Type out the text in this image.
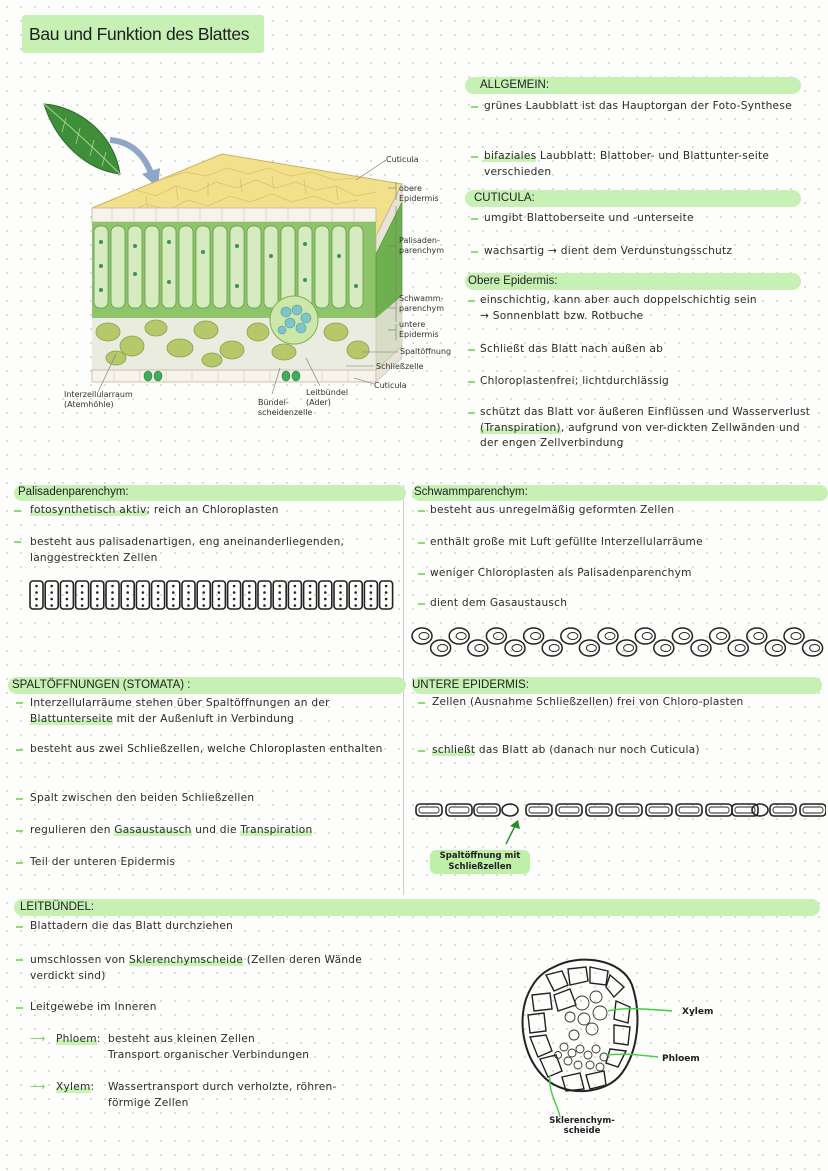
Bau und Funktion des Blattes
Cuticula
obere Epidermis
Palisaden-parenchym
Schwamm-parenchym
untere Epidermis
Spaltöffnung
Schließzelle
Cuticula
Leitbündel (Ader)
Bündel-scheidenzelle
Interzellularraum (Atemhöhle)
ALLGEMEIN:
grünes Laubblatt ist das Hauptorgan der Foto-Synthese
bifaziales Laubblatt: Blattober- und Blattunter-seite verschieden
CUTICULA:
umgibt Blattoberseite und -unterseite
wachsartig → dient dem Verdunstungsschutz
Obere Epidermis:
einschichtig, kann aber auch doppelschichtig sein
→ Sonnenblatt bzw. Rotbuche
Schließt das Blatt nach außen ab
Chloroplastenfrei; lichtdurchlässig
schützt das Blatt vor äußeren Einflüssen und Wasserverlust (Transpiration), aufgrund von ver-dickten Zellwänden und der engen Zellverbindung
Palisadenparenchym:
fotosynthetisch aktiv; reich an Chloroplasten
besteht aus palisadenartigen, eng aneinanderliegenden, langgestreckten Zellen
Schwammparenchym:
besteht aus unregelmäßig geformten Zellen
enthält große mit Luft gefüllte Interzellularräume
weniger Chloroplasten als Palisadenparenchym
dient dem Gasaustausch
SPALTÖFFNUNGEN (STOMATA) :
Interzellularräume stehen über Spaltöffnungen an der Blattunterseite mit der Außenluft in Verbindung
besteht aus zwei Schließzellen, welche Chloroplasten enthalten
Spalt zwischen den beiden Schließzellen
regulieren den Gasaustausch und die Transpiration
Teil der unteren Epidermis
UNTERE EPIDERMIS:
Zellen (Ausnahme Schließzellen) frei von Chloro-plasten
schließt das Blatt ab (danach nur noch Cuticula)
Spaltöffnung mit Schließzellen
LEITBÜNDEL:
Blattadern die das Blatt durchziehen
umschlossen von Sklerenchymscheide (Zellen deren Wände verdickt sind)
Leitgewebe im Inneren
⟶ Phloem: besteht aus kleinen Zellen
Transport organischer Verbindungen
⟶ Xylem: Wassertransport durch verholzte, röhren-förmige Zellen
Xylem
Phloem
Sklerenchym-scheide
